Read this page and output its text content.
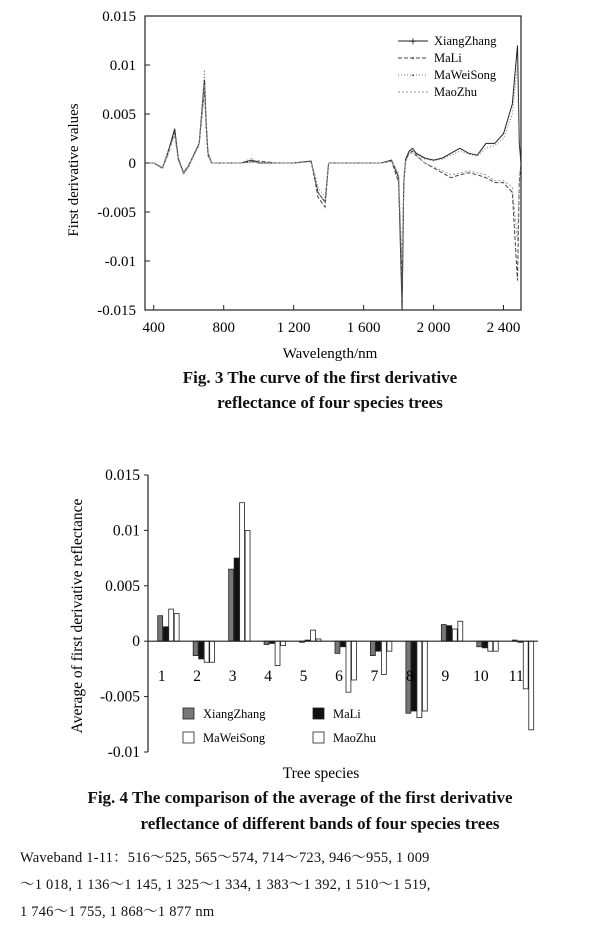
0.015
0.01
0.005
0
-0.005
-0.01
-0.015
400	800	1 200 1 600 2 000 2 400
First derivative values
Wavelength/nm
+ XiangZhang
· MaLi
· MaWeiSong
MaoZhu
Fig. 3 The curve of the first derivative
reflectance of four species trees
0.015
0.01
0.005
0
-0.005
-0.01
1 2 3 4 5 6 7 8 9 10 11
Average of first derivative reflectance
Tree species
XiangZhang	MaLi
MaWeiSong	MaoZhu
Fig. 4 The comparison of the average of the first derivative
reflectance of different bands of four species trees
Waveband 1-11：516～525, 565～574, 714～723, 946～955, 1 009
～1 018, 1 136～1 145, 1 325～1 334, 1 383～1 392, 1 510～1 519,
1 746～1 755, 1 868～1 877 nm
